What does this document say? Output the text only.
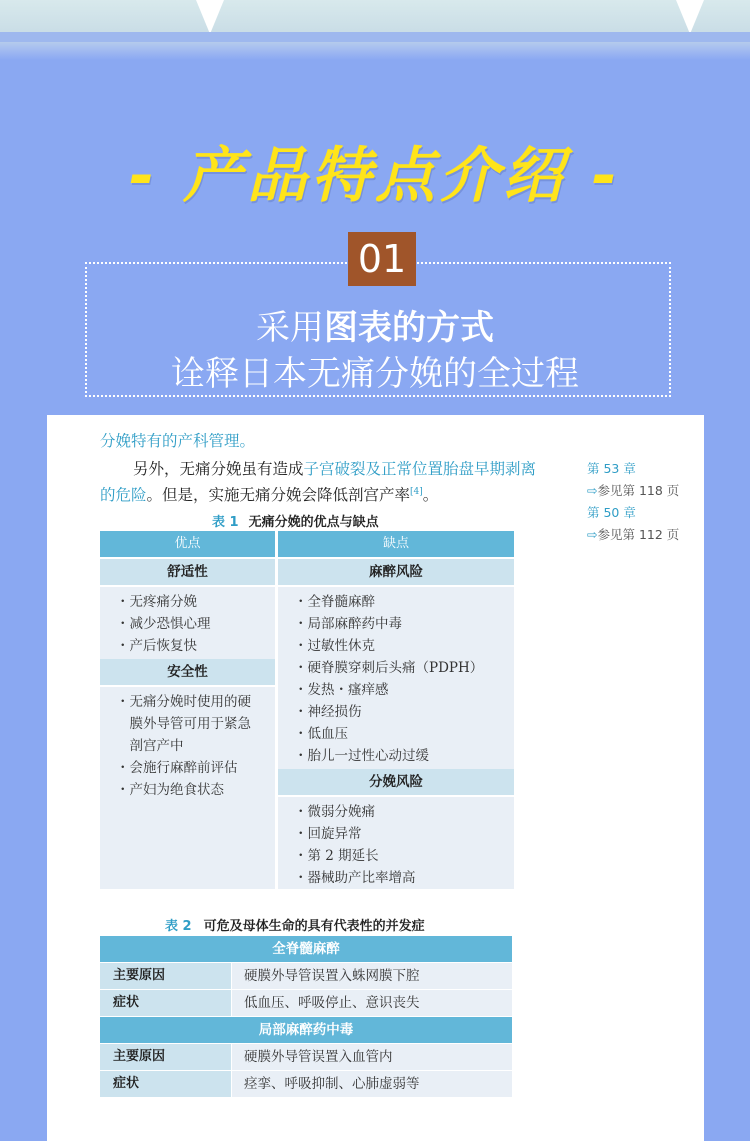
- 产品特点介绍 -
01
采用图表的方式
诠释日本无痛分娩的全过程
分娩特有的产科管理。
另外，无痛分娩虽有造成子宫破裂及正常位置胎盘早期剥离
的危险。但是，实施无痛分娩会降低剖宫产率[4]。
第 53 章
⇨参见第 118 页
第 50 章
⇨参见第 112 页
表 1 无痛分娩的优点与缺点
优点
舒适性
・无疼痛分娩
・减少恐惧心理
・产后恢复快
安全性
・无痛分娩时使用的硬
　膜外导管可用于紧急
　剖宫产中
・会施行麻醉前评估
・产妇为绝食状态
缺点
麻醉风险
・全脊髓麻醉
・局部麻醉药中毒
・过敏性休克
・硬脊膜穿刺后头痛（PDPH）
・发热・瘙痒感
・神经损伤
・低血压
・胎儿一过性心动过缓
分娩风险
・微弱分娩痛
・回旋异常
・第 2 期延长
・器械助产比率增高
表 2 可危及母体生命的具有代表性的并发症
全脊髓麻醉
主要原因	硬膜外导管误置入蛛网膜下腔
症状	低血压、呼吸停止、意识丧失
局部麻醉药中毒
主要原因	硬膜外导管误置入血管内
症状	痉挛、呼吸抑制、心肺虚弱等
